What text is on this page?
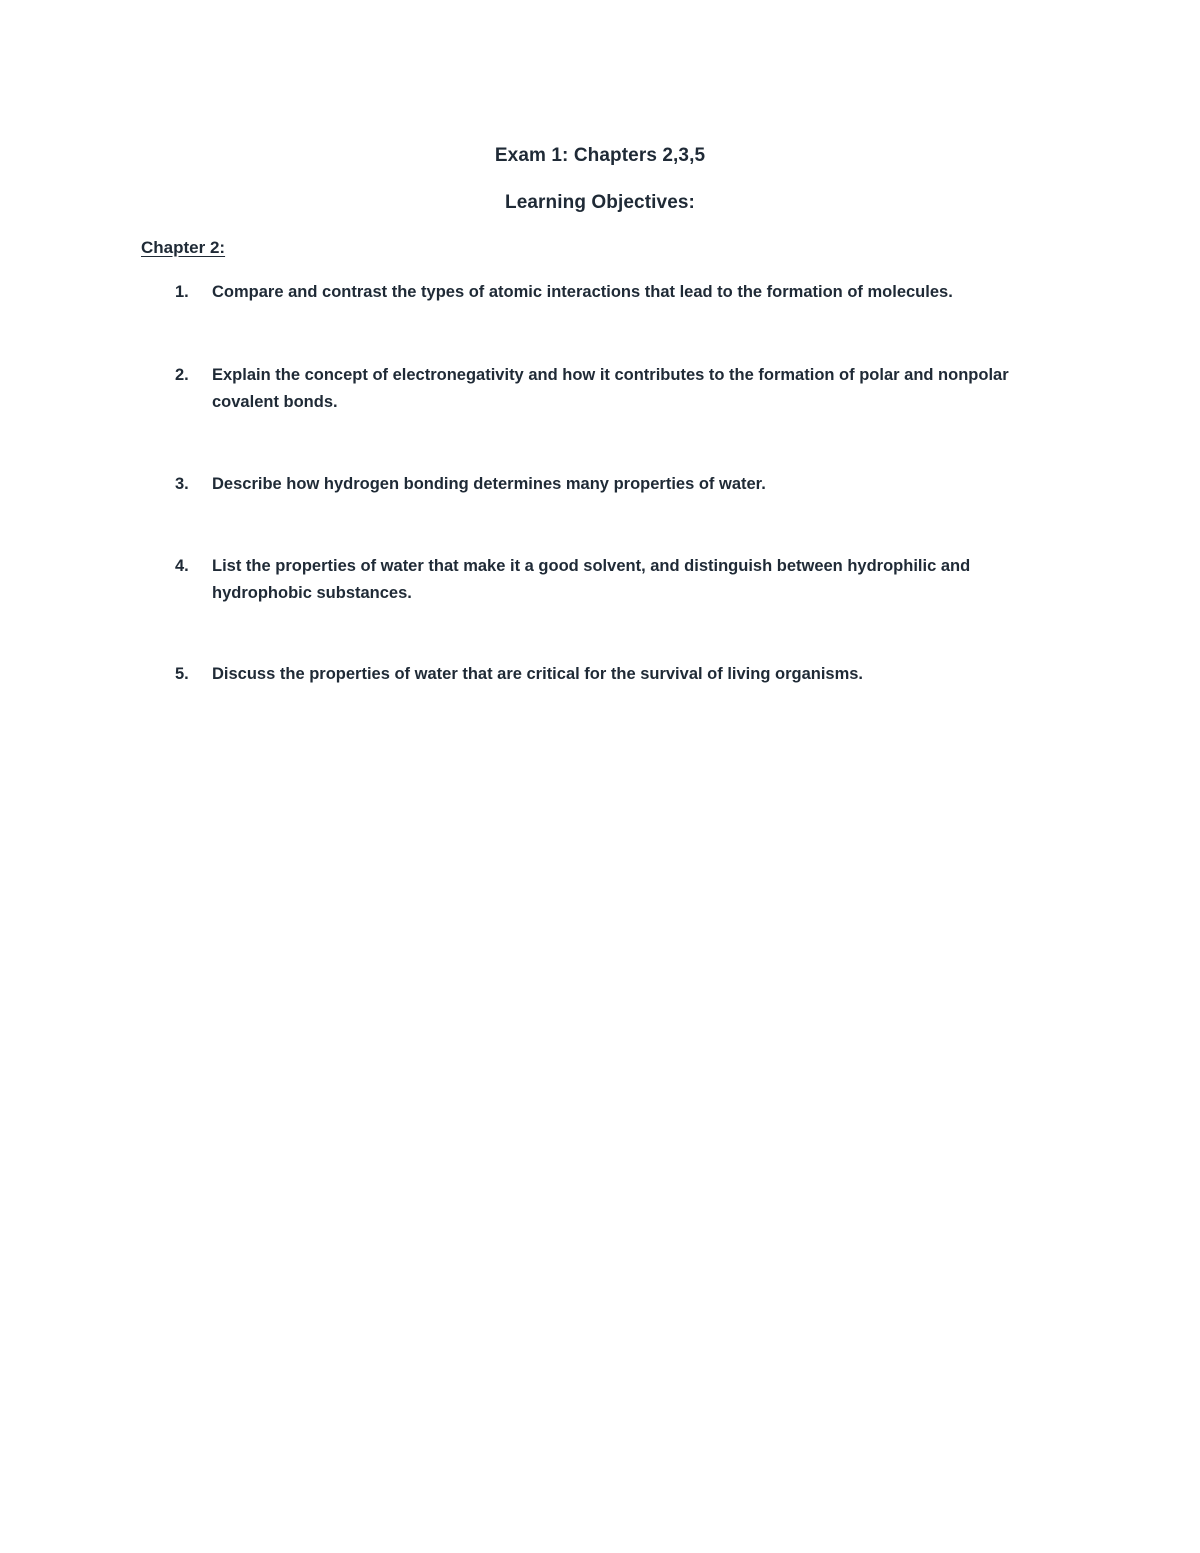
Exam 1: Chapters 2,3,5
Learning Objectives:
Chapter 2:
1.	Compare and contrast the types of atomic interactions that lead to the formation of molecules.
2.	Explain the concept of electronegativity and how it contributes to the formation of polar and nonpolar covalent bonds.
3.	Describe how hydrogen bonding determines many properties of water.
4.	List the properties of water that make it a good solvent, and distinguish between hydrophilic and hydrophobic substances.
5.	Discuss the properties of water that are critical for the survival of living organisms.
